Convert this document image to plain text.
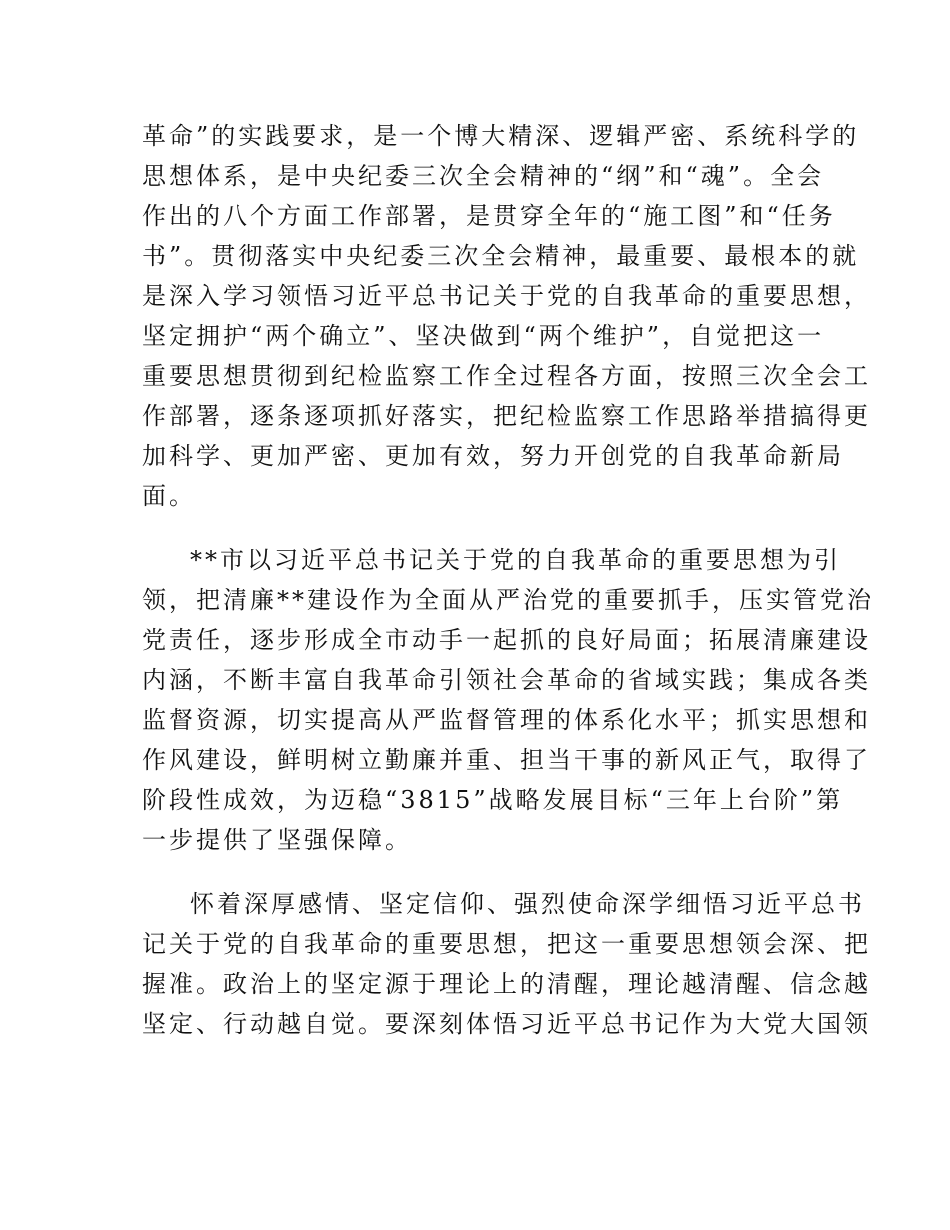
革命”的实践要求，是一个博大精深、逻辑严密、系统科学的
思想体系，是中央纪委三次全会精神的“纲”和“魂”。全会
作出的八个方面工作部署，是贯穿全年的“施工图”和“任务
书”。贯彻落实中央纪委三次全会精神，最重要、最根本的就
是深入学习领悟习近平总书记关于党的自我革命的重要思想，
坚定拥护“两个确立”、坚决做到“两个维护”，自觉把这一
重要思想贯彻到纪检监察工作全过程各方面，按照三次全会工
作部署，逐条逐项抓好落实，把纪检监察工作思路举措搞得更
加科学、更加严密、更加有效，努力开创党的自我革命新局
面。
**市以习近平总书记关于党的自我革命的重要思想为引
领，把清廉**建设作为全面从严治党的重要抓手，压实管党治
党责任，逐步形成全市动手一起抓的良好局面；拓展清廉建设
内涵，不断丰富自我革命引领社会革命的省域实践；集成各类
监督资源，切实提高从严监督管理的体系化水平；抓实思想和
作风建设，鲜明树立勤廉并重、担当干事的新风正气，取得了
阶段性成效，为迈稳“3815”战略发展目标“三年上台阶”第
一步提供了坚强保障。
怀着深厚感情、坚定信仰、强烈使命深学细悟习近平总书
记关于党的自我革命的重要思想，把这一重要思想领会深、把
握准。政治上的坚定源于理论上的清醒，理论越清醒、信念越
坚定、行动越自觉。要深刻体悟习近平总书记作为大党大国领
